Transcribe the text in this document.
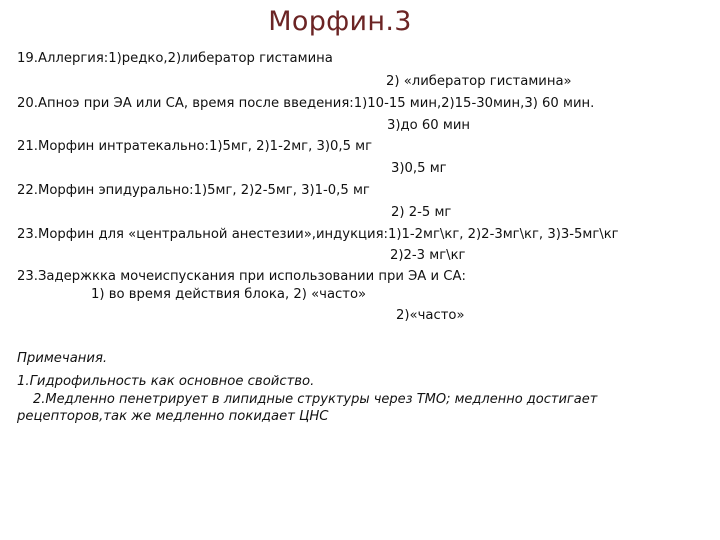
Морфин.3
19.Аллергия:1)редко,2)либератор гистамина
2) «либератор гистамина»
20.Апноэ при ЭА или СА, время после введения:1)10-15 мин,2)15-30мин,3) 60 мин.
3)до 60 мин
21.Морфин интратекально:1)5мг, 2)1-2мг, 3)0,5 мг
3)0,5 мг
22.Морфин эпидурально:1)5мг, 2)2-5мг, 3)1-0,5 мг
2) 2-5 мг
23.Морфин для «центральной анестезии»,индукция:1)1-2мг\кг, 2)2-3мг\кг, 3)3-5мг\кг
2)2-3 мг\кг
23.Задержкка мочеиспускания при использовании при ЭА и СА:
1) во время действия блока, 2) «часто»
2)«часто»
Примечания.
1.Гидрофильность как основное свойство.
2.Медленно пенетрирует в липидные структуры через ТМО; медленно достигает
рецепторов,так же медленно покидает ЦНС
